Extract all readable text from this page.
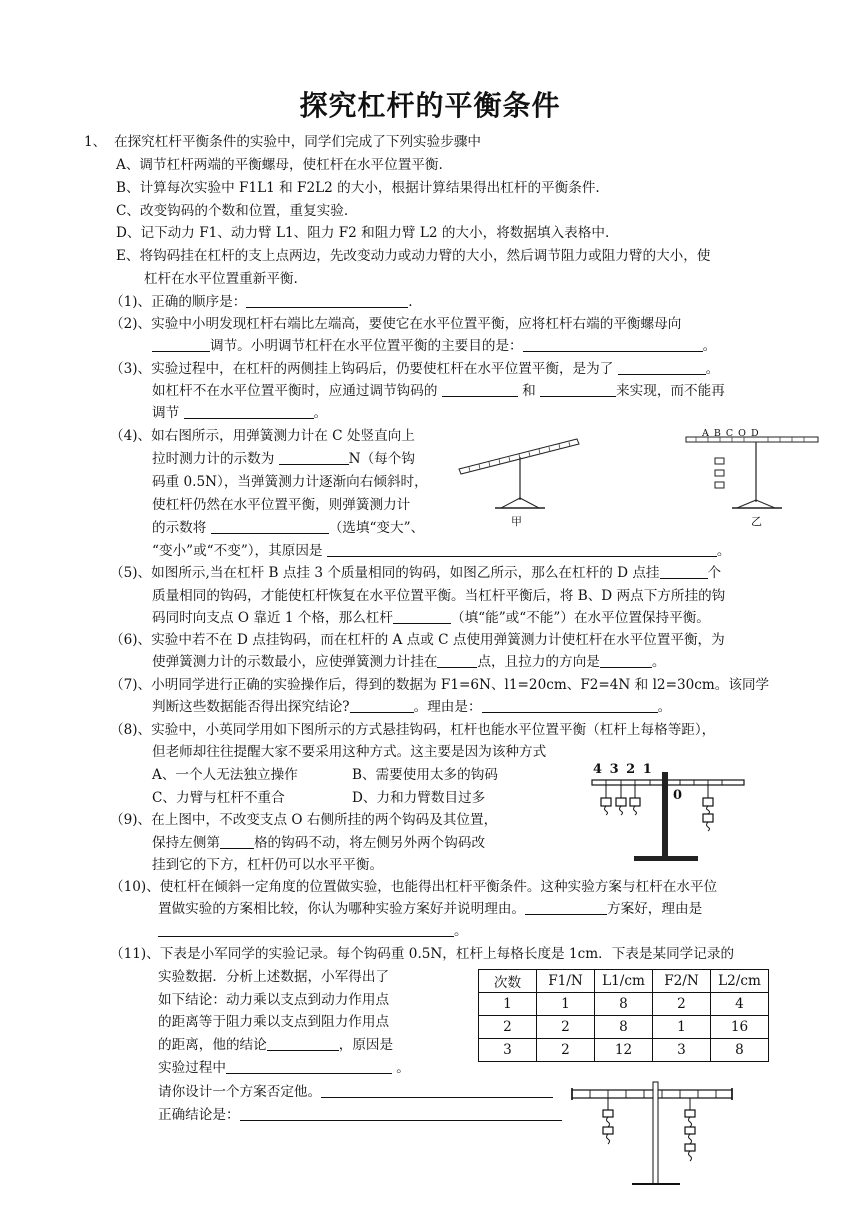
探究杠杆的平衡条件
1、 在探究杠杆平衡条件的实验中，同学们完成了下列实验步骤中
A、调节杠杆两端的平衡螺母，使杠杆在水平位置平衡.
B、计算每次实验中 F1L1 和 F2L2 的大小，根据计算结果得出杠杆的平衡条件.
C、改变钩码的个数和位置，重复实验.
D、记下动力 F1、动力臂 L1、阻力 F2 和阻力臂 L2 的大小，将数据填入表格中.
E、将钩码挂在杠杆的支上点两边，先改变动力或动力臂的大小，然后调节阻力或阻力臂的大小，使
杠杆在水平位置重新平衡.
（1)、正确的顺序是：	.
（2)、实验中小明发现杠杆右端比左端高，要使它在水平位置平衡，应将杠杆右端的平衡螺母向
调节。小明调节杠杆在水平位置平衡的主要目的是：	。
（3)、实验过程中，在杠杆的两侧挂上钩码后，仍要使杠杆在水平位置平衡，是为了	。
如杠杆不在水平位置平衡时，应通过调节钩码的	和	来实现，而不能再
调节	。
（4)、如右图所示，用弹簧测力计在 C 处竖直向上
拉时测力计的示数为	N（每个钩
码重 0.5N），当弹簧测力计逐渐向右倾斜时，
使杠杆仍然在水平位置平衡，则弹簧测力计
的示数将	（选填“变大”、
“变小”或“不变”），其原因是	。
甲
A B C O D
乙
（5)、如图所示,当在杠杆 B 点挂 3 个质量相同的钩码，如图乙所示，那么在杠杆的 D 点挂	个
质量相同的钩码，才能使杠杆恢复在水平位置平衡。当杠杆平衡后，将 B、D 两点下方所挂的钩
码同时向支点 O 靠近 1 个格，那么杠杆	（填“能”或“不能”）在水平位置保持平衡。
（6)、实验中若不在 D 点挂钩码，而在杠杆的 A 点或 C 点使用弹簧测力计使杠杆在水平位置平衡，为
使弹簧测力计的示数最小，应使弹簧测力计挂在	点，且拉力的方向是	。
（7)、小明同学进行正确的实验操作后，得到的数据为 F1=6N、l1=20cm、F2=4N 和 l2=30cm。该同学
判断这些数据能否得出探究结论?	。理由是：	。
（8)、实验中，小英同学用如下图所示的方式悬挂钩码，杠杆也能水平位置平衡（杠杆上每格等距），
但老师却往往提醒大家不要采用这种方式。这主要是因为该种方式
A、一个人无法独立操作	B、需要使用太多的钩码
C、力臂与杠杆不重合	D、力和力臂数目过多
4 3 2 1
0
（9)、在上图中，不改变支点 O 右侧所挂的两个钩码及其位置，
保持左侧第	格的钩码不动，将左侧另外两个钩码改
挂到它的下方，杠杆仍可以水平平衡。
（10)、使杠杆在倾斜一定角度的位置做实验，也能得出杠杆平衡条件。这种实验方案与杠杆在水平位
置做实验的方案相比较，你认为哪种实验方案好并说明理由。	方案好，理由是
。
（11)、下表是小军同学的实验记录。每个钩码重 0.5N，杠杆上每格长度是 1cm．下表是某同学记录的
实验数据．分析上述数据，小军得出了
如下结论：动力乘以支点到动力作用点
的距离等于阻力乘以支点到阻力作用点
的距离，他的结论	，原因是
实验过程中	。
请你设计一个方案否定他。
正确结论是：
次数	F1/N	L1/cm	F2/N	L2/cm
1	1	8	2	4
2	2	8	1	16
3	2	12	3	8
